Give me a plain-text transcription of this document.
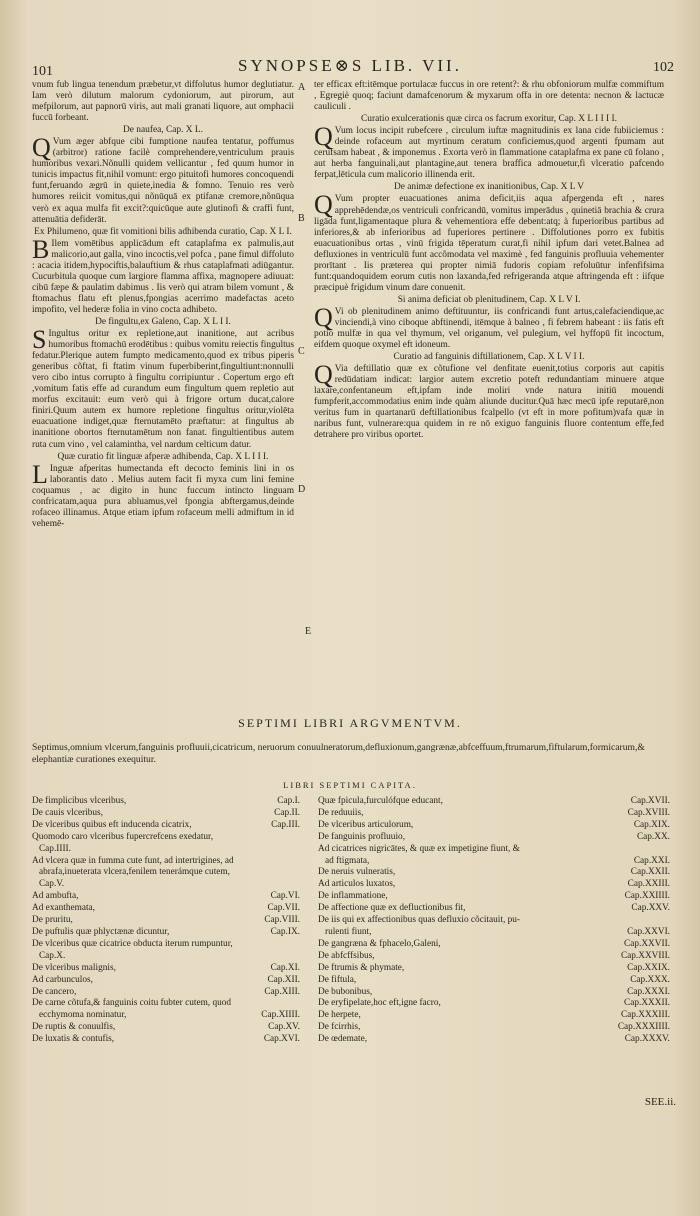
101	SYNOPSE⊗S LIB. VII.	102

vnum fub lingua tenendum præbetur,vt diffolutus humor deglutiatur. Iam verò dilutum malorum cydoniorum, aut pirorum, aut mefpilorum, aut papnorū viris, aut mali granati liquore, aut omphacii fuccū forbeant.

De naufea, Cap. X L.

Q Vum æger abfque cibi fumptione naufea tentatur, poffumus (arbitror) ratione facilè comprehendere,ventriculum prauis humoribus vexari.Nõnulli quidem vellicantur , fed quum humor in tunicis impactus fit,nihil vomunt: ergo pituitofi humores concoquendi funt,feruando ægrū in quiete,inedia & fomno. Tenuio res verò humores reiicit vomitus,qui nõnūquā ex ptifanæ cremore,nõnūqua verò ex aqua mulfa fit excit?:quicūque aute glutinofi & craffi funt, attenuātia defiderāt.

Ex Philumeno, quæ fit vomitioni bilis adhibenda curatio, Cap. X L I.

B Ilem vomētibus applicādum eft cataplafma ex palmulis,aut malicorio,aut galla, vino incoctis,vel pofca , pane fimul diffoluto : acacia itidem,hypociftis,balauftium & rhus cataplafmati adiūgantur. Cucurbitula quoque cum largiore flamma affixa, magnopere adiuuat: cibū fæpe & paulatim dabimus . Iis verò qui atram bilem vomunt , & ftomachus flatu eft plenus,fpongias acerrimo madefactas aceto impofito, vel hederæ folia in vino cocta adhibeto.

De fingultu,ex Galeno, Cap. X L I I.

S Ingultus oritur ex repletione,aut inanitione, aut acribus humoribus ftomachū erodētibus : quibus vomitu reiectis fingultus fedatur.Plerique autem fumpto medicamento,quod ex tribus piperis generibus cõftat, fi ftatim vinum fuperbiberint,fingultiunt:nonnulli vero cibo intus corrupto à fingultu corripiuntur . Copertum ergo eft ,vomitum fatis effe ad curandum eum fingultum quem repletio aut morfus excitauit: eum verò qui à frigore ortum ducat,calore finiri.Quum autem ex humore repletione fingultus oritur,violēta euacuatione indiget,quæ fternutamēto præftatur: at fingultus ab inanitione obortos fternutamētum non fanat. fingultientibus autem ruta cum vino , vel calamintha, vel nardum celticum datur.

Quæ curatio fit linguæ afperæ adhibenda, Cap. X L I I I.

L Inguæ afperitas humectanda eft decocto feminis lini in os laborantis dato . Melius autem facit fi myxa cum lini femine coquamus , ac digito in hunc fuccum intincto linguam confricatam,aqua pura abluamus,vel fpongia abftergamus,deinde rofaceo illinamus. Atque etiam ipfum rofaceum melli admiftum in id vehemē-

ter efficax eft:itēmque portulacæ fuccus in ore retent?: & rhu obfoniorum mulfæ commiftum , Egregiè quoq; faciunt damafcenorum & myxarum offa in ore detenta: necnon & lactucæ cauliculi .

Curatio exulcerationis quæ circa os facrum exoritur, Cap. X L I I I I.

Q Vum locus incipit rubefcere , circulum iuftæ magnitudinis ex lana cide fubiiciemus : deinde rofaceum aut myrtinum ceratum conficiemus,quod argenti fpumam aut cerufsam habeat , & imponemus . Exorta verò in flammatione cataplafma ex pane cū folano , aut herba fanguinali,aut plantagine,aut tenera braffica admouetur,fi vlceratio pafcendo ferpat,lēticula cum malicorio illinenda erit.

De animæ defectione ex inanitionibus, Cap. X L V

Q Vum propter euacuationes anima deficit,iis aqua afpergenda eft , nares apprehēdendæ,os ventriculi confricandū, vomitus imperādus , quinetiā brachia & crura ligāda funt,ligamentaque plura & vehementiora effe debent:atq; à fuperioribus partibus ad inferiores,& ab inferioribus ad fuperiores pertinere . Diffolutiones porro ex fubitis euacuationibus ortas , vinū frigida tēperatum curat,fi nihil ipfum dari vetet.Balnea ad defluxiones in ventriculū funt accõmodata vel maximè , fed fanguinis profluuia vehementer prorītant . Iis præterea qui propter nimiā fudoris copiam refoluūtur infenfifsima funt:quandoquidem eorum cutis non laxanda,fed refrigeranda atque aftringenda eft : iifque præcipuè frigidum vinum dare conuenit.

Si anima deficiat ob plenitudinem, Cap. X L V I.

Q Vi ob plenitudinem animo deftituuntur, iis confricandi funt artus,calefaciendique,ac vinciendi,à vino ciboque abftinendi, itēmque à balneo , fi febrem habeant : iis fatis eft potio mulfæ in qua vel thymum, vel origanum, vel pulegium, vel hyffopū fit incoctum, eifdem quoque oxymel eft idoneum.

Curatio ad fanguinis diftillationem, Cap. X L V I I.

Q Via deftillatio quæ ex cõtufione vel denfitate euenit,totius corporis aut capitis redūdatiam indicat: largior autem excretio poteft redundantiam minuere atque laxare,confentaneum eft,ipfam inde moliri vnde natura initiū mouendi fumpferit,accommodatius enim inde quàm aliunde ducitur.Quā hæc mecū ipfe reputarē,non veritus fum in quartanarū deftillationibus fcalpello (vt eft in more pofitum)vafa quæ in naribus funt, vulnerare:qua quidem in re nō exiguo fanguinis fluore contentum effe,fed detrahere pro viribus oportet.

A
B
C
D
E
SEPTIMI LIBRI ARGVMENTVM.
Septimus,omnium vlcerum,fanguinis profluuii,cicatricum, neruorum conuulneratorum,defluxionum,gangrænæ,abfceffuum,ftrumarum,fiftularum,formicarum,& elephantiæ curationes exequitur.
LIBRI SEPTIMI CAPITA.
De fimplicibus vlceribus,	Cap.I.
De cauis vlceribus,	Cap.II.
De vlceribus quibus eft inducenda cicatrix,	Cap.III.
Quomodo caro vlceribus fupercrefcens exedatur,
Cap.IIII.
Ad vlcera quæ in fumma cute funt, ad intertrigines, ad
abrafa,inueterata vlcera,fenilem tenerámque cutem,
Cap.V.
Ad ambufta,	Cap.VI.
Ad exanthemata,	Cap.VII.
De pruritu,	Cap.VIII.
De puftulis quæ phlyctænæ dicuntur,	Cap.IX.
De vlceribus quæ cicatrice obducta iterum rumpuntur,
Cap.X.
De vlceribus malignis,	Cap.XI.
Ad carbunculos,	Cap.XII.
De cancero,	Cap.XIII.
De carne cõtufa,& fanguinis coitu fubter cutem, quod
ecchymoma nominatur,	Cap.XIIII.
De ruptis & conuulfis,	Cap.XV.
De luxatis & contufis,	Cap.XVI.
Quæ fpicula,furculófque educant,	Cap.XVII.
De reduuiis,	Cap.XVIII.
De vlceribus articulorum,	Cap.XIX.
De fanguinis profluuio,	Cap.XX.
Ad cicatrices nigricātes, & quæ ex impetigine fiunt, &
ad ftigmata,	Cap.XXI.
De neruis vulneratis,	Cap.XXII.
Ad articulos luxatos,	Cap.XXIII.
De inflammatione,	Cap.XXIIII.
De affectione quæ ex defluctionibus fit,	Cap.XXV.
De iis qui ex affectionibus quas defluxio cõcitauit, pu-
rulenti fiunt,	Cap.XXVI.
De gangræna & fphacelo,Galeni,	Cap.XXVII.
De abfcffsibus,	Cap.XXVIII.
De ftrumis & phymate,	Cap.XXIX.
De fiftula,	Cap.XXX.
De bubonibus,	Cap.XXXI.
De eryfipelate,hoc eft,igne facro,	Cap.XXXII.
De herpete,	Cap.XXXIII.
De fcirrhis,	Cap.XXXIIII.
De œdemate,	Cap.XXXV.
SEE.ii.
